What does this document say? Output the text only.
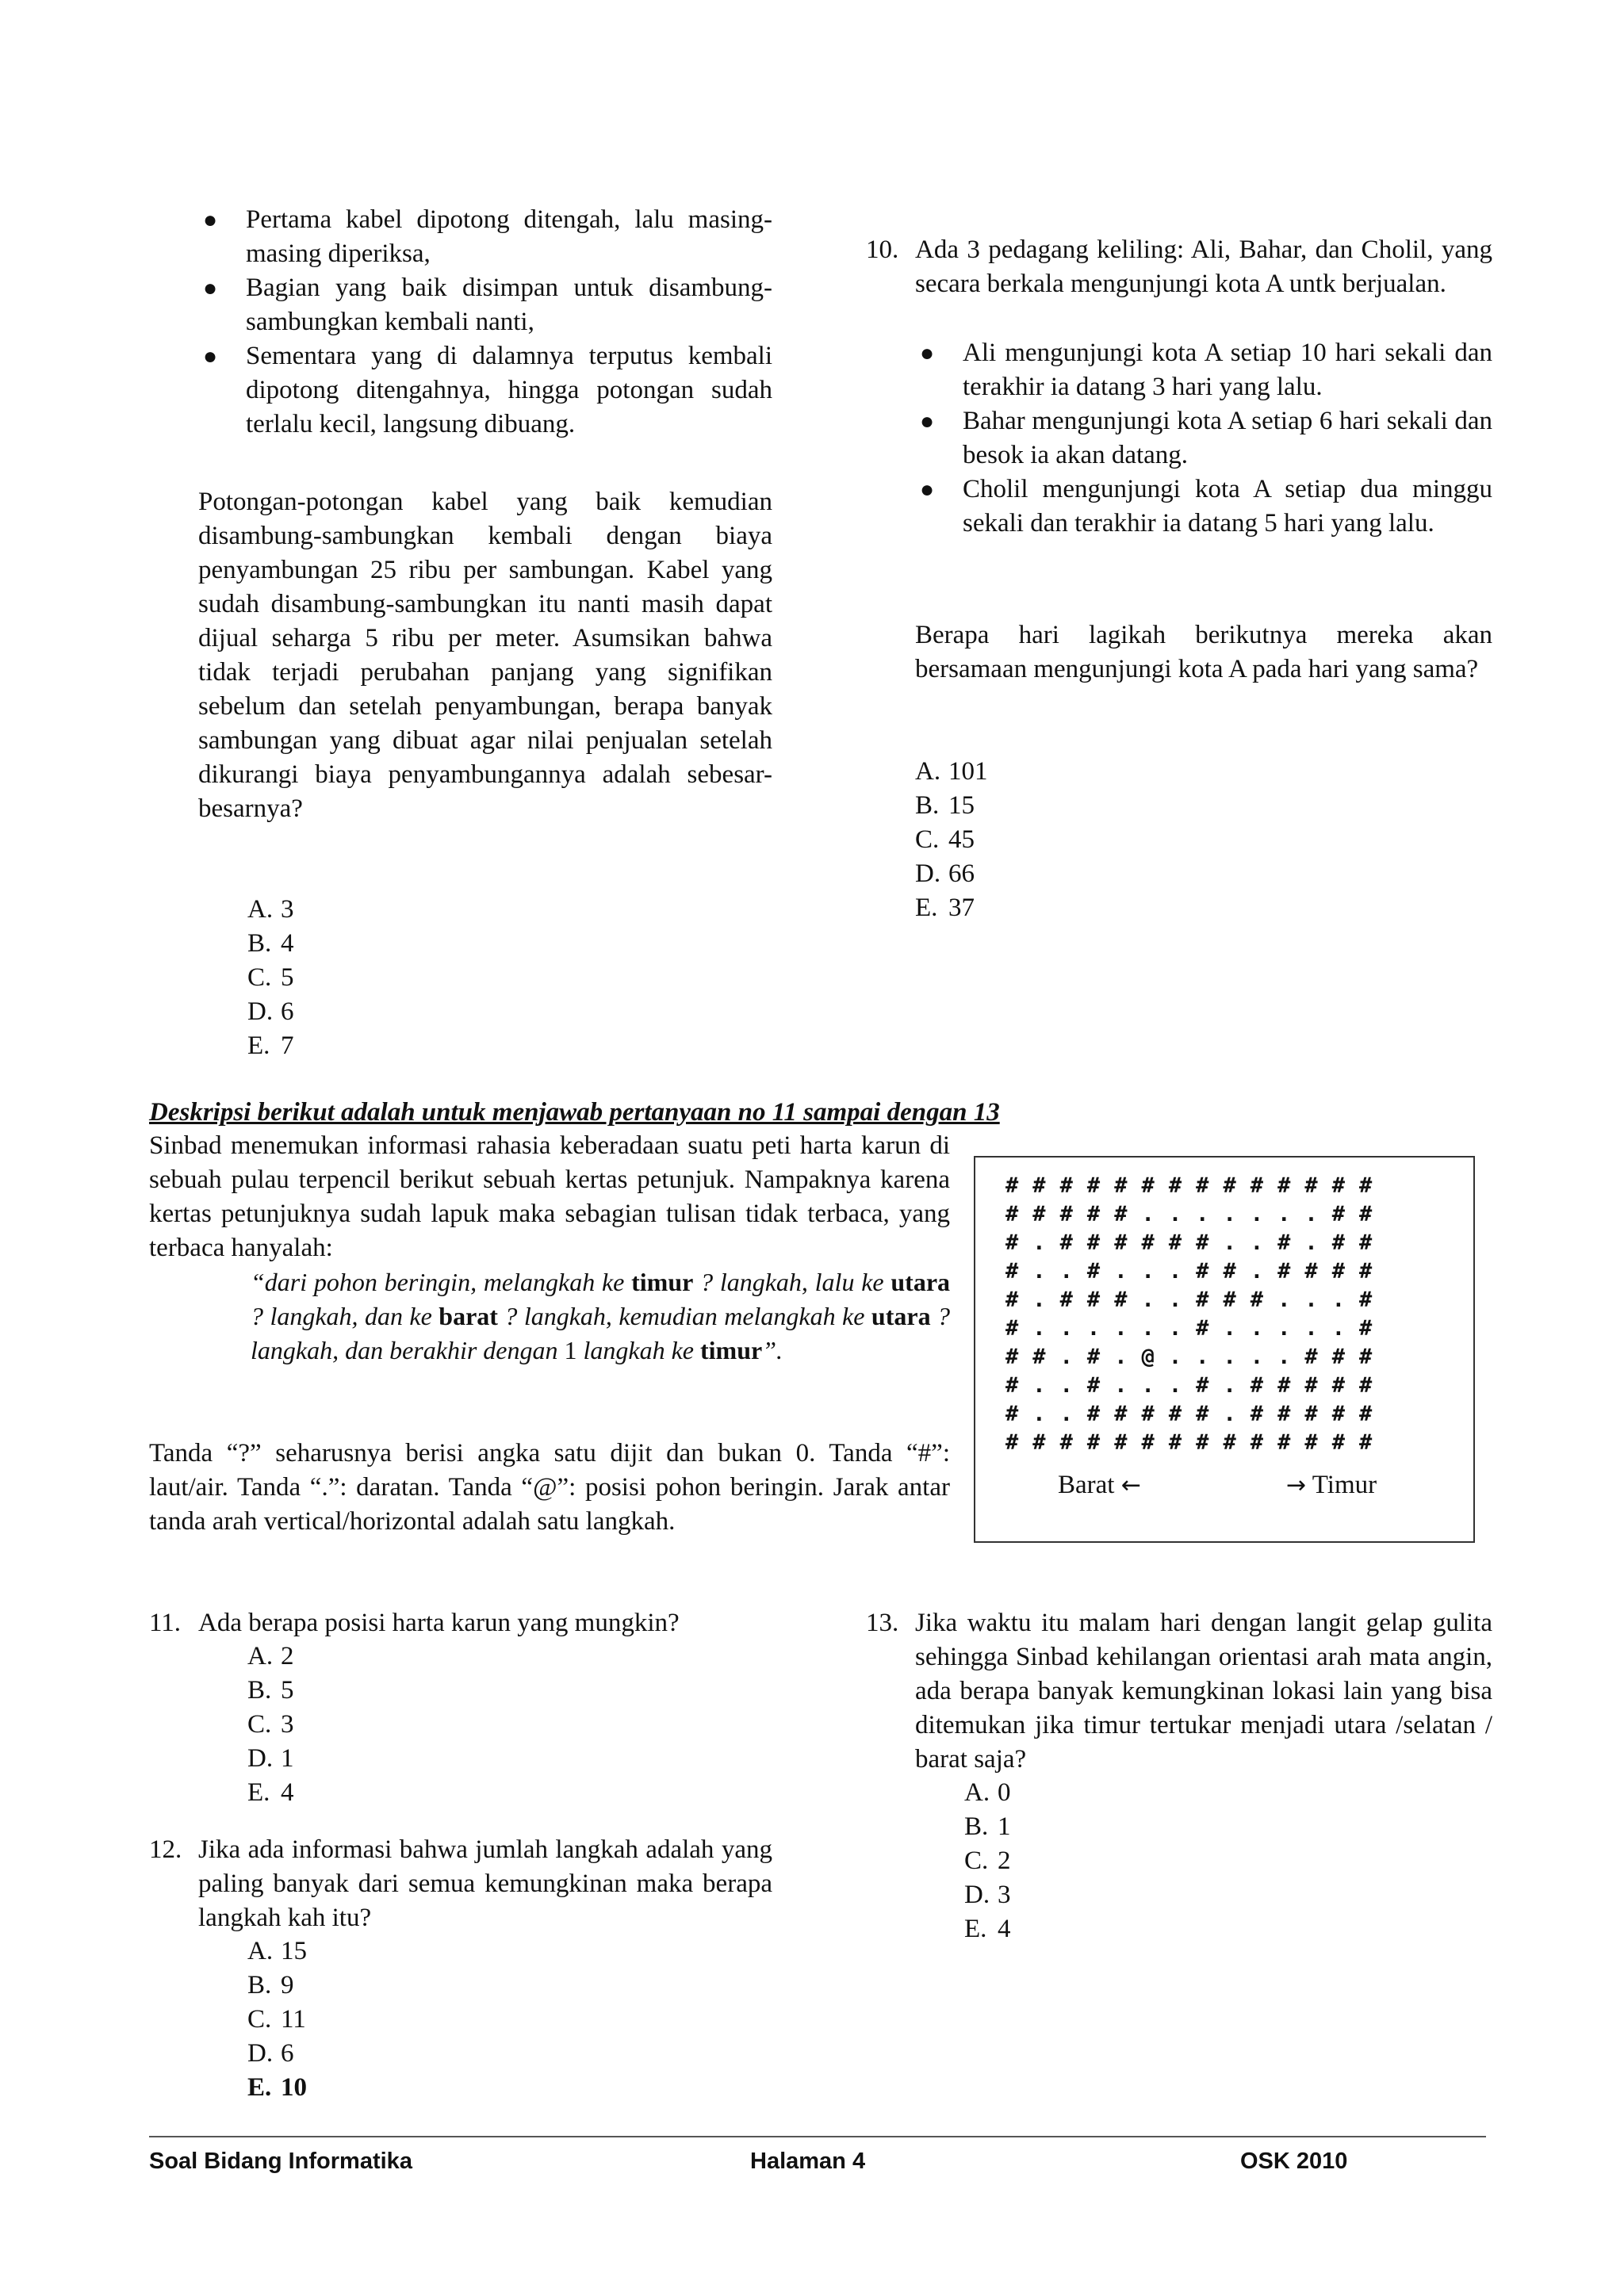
● Pertama kabel dipotong ditengah, lalu masing-masing diperiksa,
● Bagian yang baik disimpan untuk disambung-sambungkan kembali nanti,
● Sementara yang di dalamnya terputus kembali dipotong ditengahnya, hingga potongan sudah terlalu kecil, langsung dibuang.
Potongan-potongan kabel yang baik kemudian disambung-sambungkan kembali dengan biaya penyambungan 25 ribu per sambungan. Kabel yang sudah disambung-sambungkan itu nanti masih dapat dijual seharga 5 ribu per meter. Asumsikan bahwa tidak terjadi perubahan panjang yang signifikan sebelum dan setelah penyambungan, berapa banyak sambungan yang dibuat agar nilai penjualan setelah dikurangi biaya penyambungannya adalah sebesar-besarnya?
A. 3
B. 4
C. 5
D. 6
E. 7
10. Ada 3 pedagang keliling: Ali, Bahar, dan Cholil, yang secara berkala mengunjungi kota A untk berjualan.
● Ali mengunjungi kota A setiap 10 hari sekali dan terakhir ia datang 3 hari yang lalu.
● Bahar mengunjungi kota A setiap 6 hari sekali dan besok ia akan datang.
● Cholil mengunjungi kota A setiap dua minggu sekali dan terakhir ia datang 5 hari yang lalu.
Berapa hari lagikah berikutnya mereka akan bersamaan mengunjungi kota A pada hari yang sama?
A. 101
B. 15
C. 45
D. 66
E. 37
Deskripsi berikut adalah untuk menjawab pertanyaan no 11 sampai dengan 13
Sinbad menemukan informasi rahasia keberadaan suatu peti harta karun di sebuah pulau terpencil berikut sebuah kertas petunjuk. Nampaknya karena kertas petunjuknya sudah lapuk maka sebagian tulisan tidak terbaca, yang terbaca hanyalah:
“dari pohon beringin, melangkah ke timur ? langkah, lalu ke utara ? langkah, dan ke barat ? langkah, kemudian melangkah ke utara ? langkah, dan berakhir dengan 1 langkah ke timur”.
Tanda “?” seharusnya berisi angka satu dijit dan bukan 0. Tanda “#”: laut/air. Tanda “.”: daratan. Tanda “@”: posisi pohon beringin. Jarak antar tanda arah vertical/horizontal adalah satu langkah.
# # # # # # # # # # # # # #
# # # # # . . . . . . . # #
# . # # # # # # . . # . # #
# . . # . . . # # . # # # #
# . # # # . . # # # . . . #
# . . . . . . # . . . . . #
# # . # . @ . . . . . # # #
# . . # . . . # . # # # # #
# . . # # # # # . # # # # #
# # # # # # # # # # # # # #
Barat ←	→ Timur
11. Ada berapa posisi harta karun yang mungkin?
A. 2
B. 5
C. 3
D. 1
E. 4
12. Jika ada informasi bahwa jumlah langkah adalah yang paling banyak dari semua kemungkinan maka berapa langkah kah itu?
A. 15
B. 9
C. 11
D. 6
E. 10
13. Jika waktu itu malam hari dengan langit gelap gulita sehingga Sinbad kehilangan orientasi arah mata angin, ada berapa banyak kemungkinan lokasi lain yang bisa ditemukan jika timur tertukar menjadi utara /selatan / barat saja?
A. 0
B. 1
C. 2
D. 3
E. 4
Soal Bidang Informatika	Halaman 4	OSK 2010
